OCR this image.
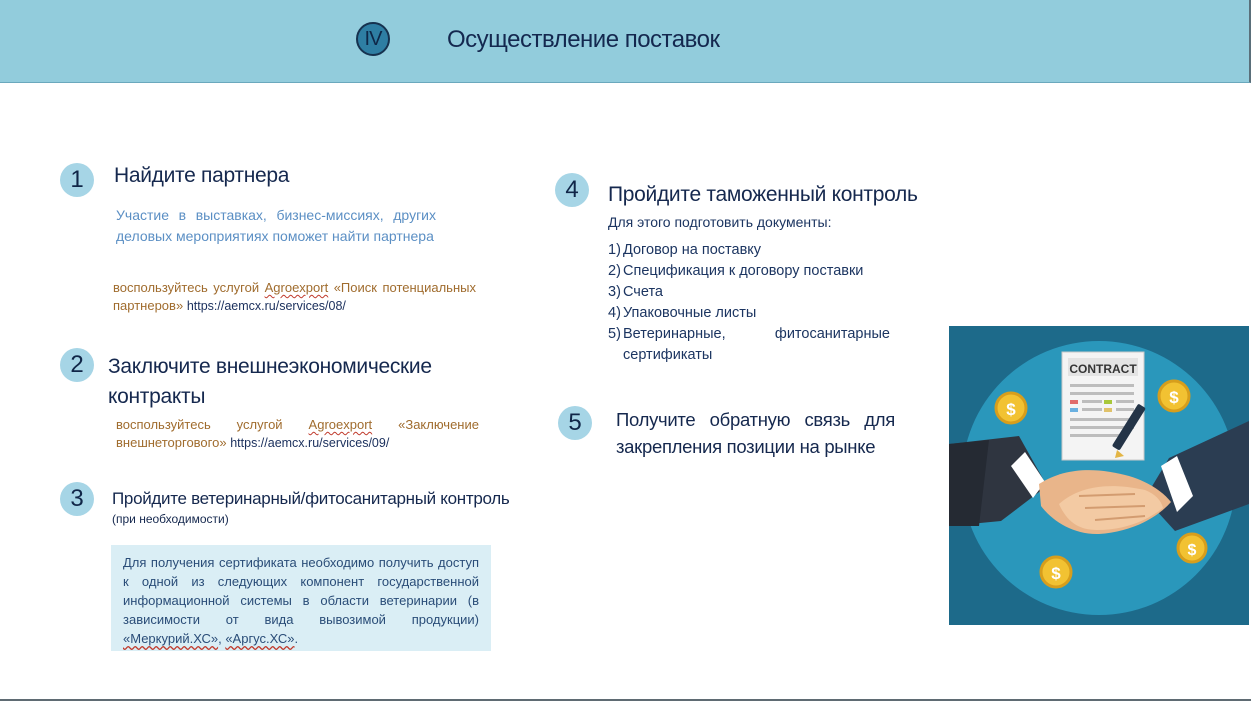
IV	Осуществление поставок
1	Найдите партнера
Участие в выставках, бизнес-миссиях, других деловых мероприятиях поможет найти партнера
воспользуйтесь услугой Agroexport «Поиск потенциальных партнеров» https://aemcx.ru/services/08/
2	Заключите внешнеэкономические
контракты
воспользуйтесь услугой Agroexport «Заключение внешнеторгового» https://aemcx.ru/services/09/
3	Пройдите ветеринарный/фитосанитарный контроль
(при необходимости)
Для получения сертификата необходимо получить доступ к одной из следующих компонент государственной информационной системы в области ветеринарии (в зависимости от вида вывозимой продукции) «Меркурий.ХС», «Аргус.ХС».
4	Пройдите таможенный контроль
Для этого подготовить документы:
1) Договор на поставку
2) Спецификация к договору поставки
3) Счета
4) Упаковочные листы
5) Ветеринарные, фитосанитарные
сертификаты
5	Получите обратную связь для
закрепления позиции на рынке
CONTRACT
$
$
$
$
